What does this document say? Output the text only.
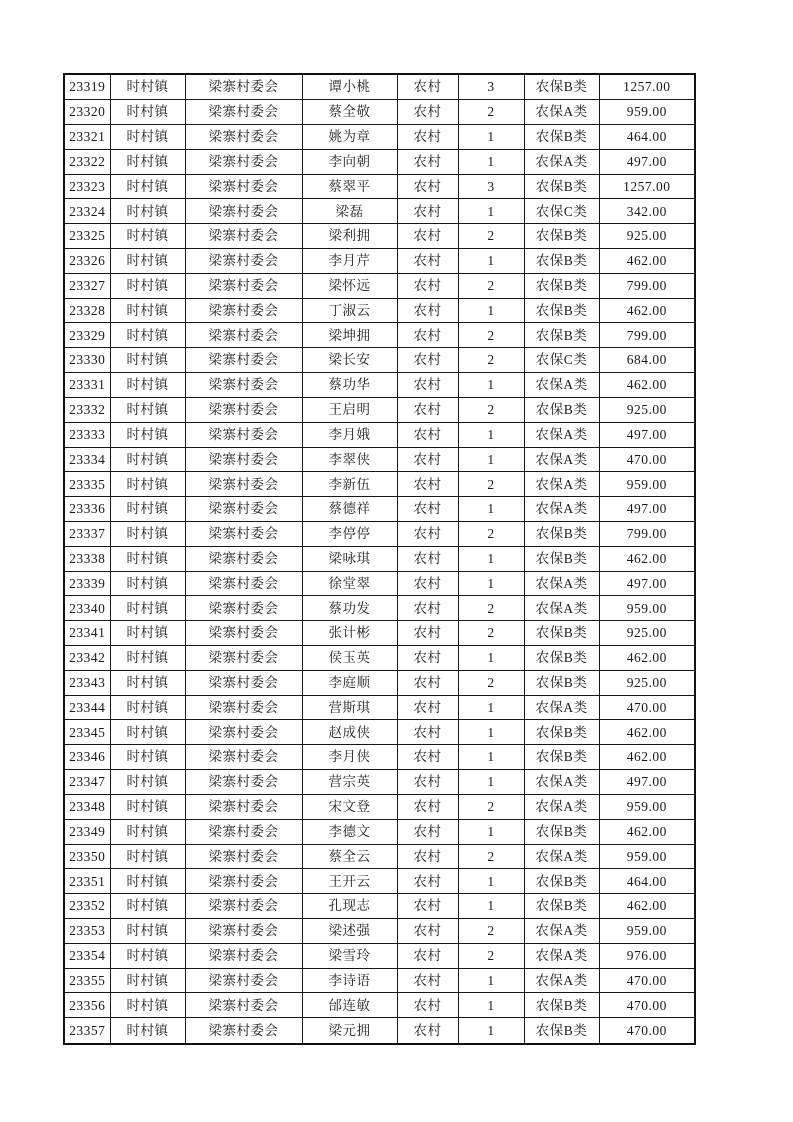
23319	时村镇	梁寨村委会	谭小桃	农村	3	农保B类	1257.00
23320	时村镇	梁寨村委会	蔡全敬	农村	2	农保A类	959.00
23321	时村镇	梁寨村委会	姚为章	农村	1	农保B类	464.00
23322	时村镇	梁寨村委会	李向朝	农村	1	农保A类	497.00
23323	时村镇	梁寨村委会	蔡翠平	农村	3	农保B类	1257.00
23324	时村镇	梁寨村委会	梁磊	农村	1	农保C类	342.00
23325	时村镇	梁寨村委会	梁利拥	农村	2	农保B类	925.00
23326	时村镇	梁寨村委会	李月芹	农村	1	农保B类	462.00
23327	时村镇	梁寨村委会	梁怀远	农村	2	农保B类	799.00
23328	时村镇	梁寨村委会	丁淑云	农村	1	农保B类	462.00
23329	时村镇	梁寨村委会	梁坤拥	农村	2	农保B类	799.00
23330	时村镇	梁寨村委会	梁长安	农村	2	农保C类	684.00
23331	时村镇	梁寨村委会	蔡功华	农村	1	农保A类	462.00
23332	时村镇	梁寨村委会	王启明	农村	2	农保B类	925.00
23333	时村镇	梁寨村委会	李月娥	农村	1	农保A类	497.00
23334	时村镇	梁寨村委会	李翠侠	农村	1	农保A类	470.00
23335	时村镇	梁寨村委会	李新伍	农村	2	农保A类	959.00
23336	时村镇	梁寨村委会	蔡德祥	农村	1	农保A类	497.00
23337	时村镇	梁寨村委会	李停停	农村	2	农保B类	799.00
23338	时村镇	梁寨村委会	梁咏琪	农村	1	农保B类	462.00
23339	时村镇	梁寨村委会	徐堂翠	农村	1	农保A类	497.00
23340	时村镇	梁寨村委会	蔡功发	农村	2	农保A类	959.00
23341	时村镇	梁寨村委会	张计彬	农村	2	农保B类	925.00
23342	时村镇	梁寨村委会	侯玉英	农村	1	农保B类	462.00
23343	时村镇	梁寨村委会	李庭顺	农村	2	农保B类	925.00
23344	时村镇	梁寨村委会	营斯琪	农村	1	农保A类	470.00
23345	时村镇	梁寨村委会	赵成侠	农村	1	农保B类	462.00
23346	时村镇	梁寨村委会	李月侠	农村	1	农保B类	462.00
23347	时村镇	梁寨村委会	营宗英	农村	1	农保A类	497.00
23348	时村镇	梁寨村委会	宋文登	农村	2	农保A类	959.00
23349	时村镇	梁寨村委会	李德文	农村	1	农保B类	462.00
23350	时村镇	梁寨村委会	蔡全云	农村	2	农保A类	959.00
23351	时村镇	梁寨村委会	王开云	农村	1	农保B类	464.00
23352	时村镇	梁寨村委会	孔现志	农村	1	农保B类	462.00
23353	时村镇	梁寨村委会	梁述强	农村	2	农保A类	959.00
23354	时村镇	梁寨村委会	梁雪玲	农村	2	农保A类	976.00
23355	时村镇	梁寨村委会	李诗语	农村	1	农保A类	470.00
23356	时村镇	梁寨村委会	邰连敏	农村	1	农保B类	470.00
23357	时村镇	梁寨村委会	梁元拥	农村	1	农保B类	470.00
